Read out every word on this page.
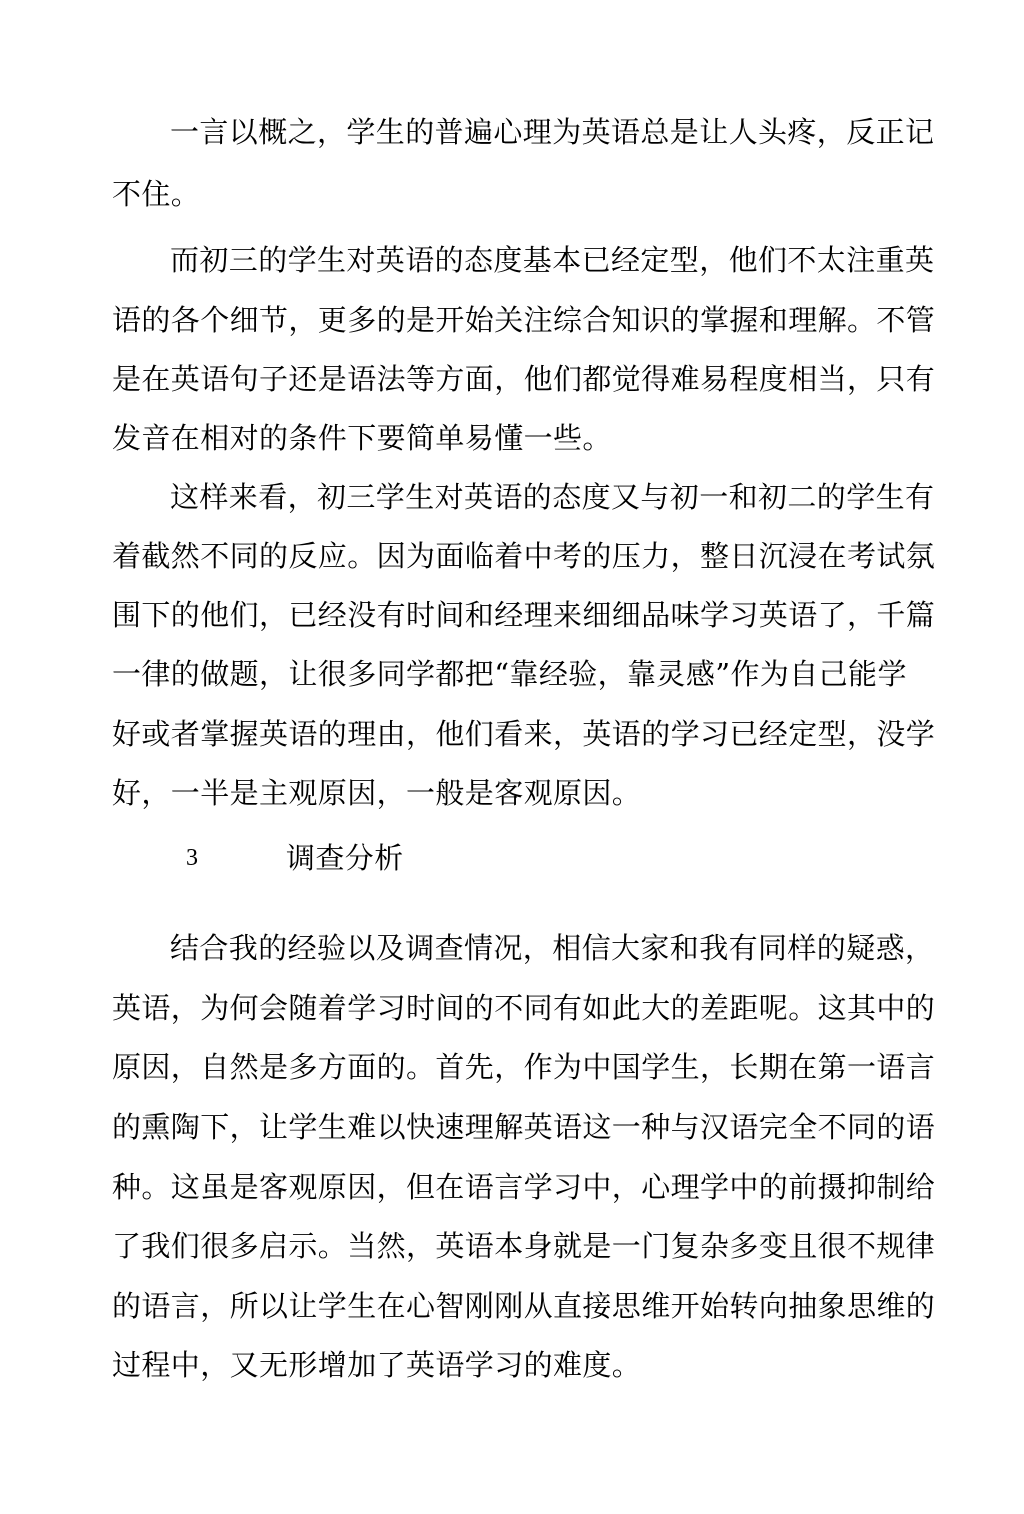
一言以概之，学生的普遍心理为英语总是让人头疼，反正记
不住。
而初三的学生对英语的态度基本已经定型，他们不太注重英
语的各个细节，更多的是开始关注综合知识的掌握和理解。不管
是在英语句子还是语法等方面，他们都觉得难易程度相当，只有
发音在相对的条件下要简单易懂一些。
这样来看，初三学生对英语的态度又与初一和初二的学生有
着截然不同的反应。因为面临着中考的压力，整日沉浸在考试氛
围下的他们，已经没有时间和经理来细细品味学习英语了，千篇
一律的做题，让很多同学都把“靠经验，靠灵感”作为自己能学
好或者掌握英语的理由，他们看来，英语的学习已经定型，没学
好，一半是主观原因，一般是客观原因。
3	调查分析
结合我的经验以及调查情况，相信大家和我有同样的疑惑，
英语，为何会随着学习时间的不同有如此大的差距呢。这其中的
原因，自然是多方面的。首先，作为中国学生，长期在第一语言
的熏陶下，让学生难以快速理解英语这一种与汉语完全不同的语
种。这虽是客观原因，但在语言学习中，心理学中的前摄抑制给
了我们很多启示。当然，英语本身就是一门复杂多变且很不规律
的语言，所以让学生在心智刚刚从直接思维开始转向抽象思维的
过程中，又无形增加了英语学习的难度。
